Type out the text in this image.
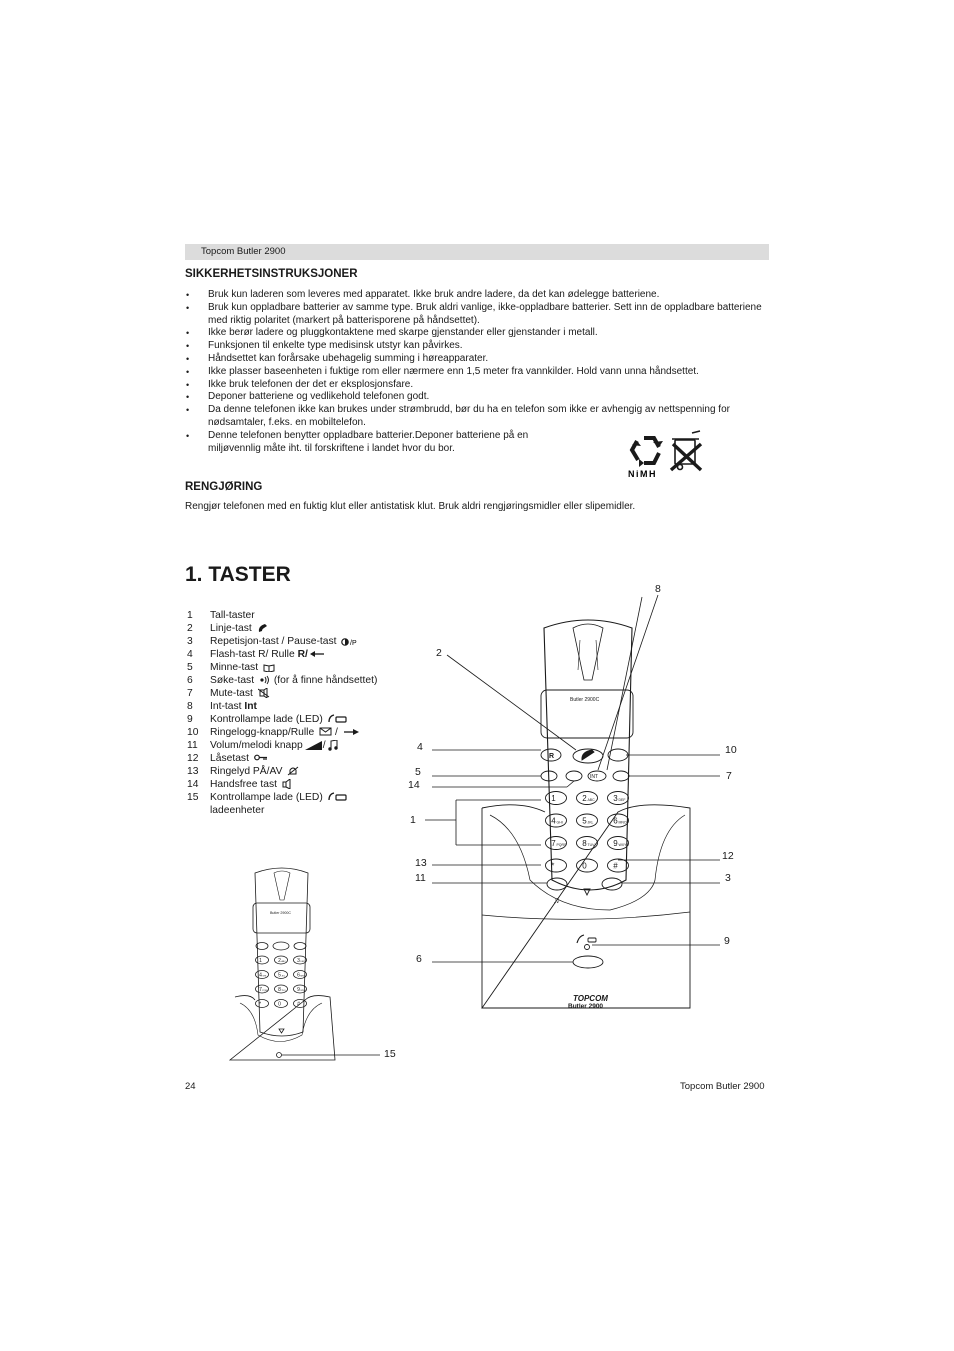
Topcom Butler 2900
SIKKERHETSINSTRUKSJONER
• Bruk kun laderen som leveres med apparatet. Ikke bruk andre ladere, da det kan ødelegge batteriene.
• Bruk kun oppladbare batterier av samme type. Bruk aldri vanlige, ikke-oppladbare batterier. Sett inn de oppladbare batteriene med riktig polaritet (markert på batterisporene på håndsettet).
• Ikke berør ladere og pluggkontaktene med skarpe gjenstander eller gjenstander i metall.
• Funksjonen til enkelte type medisinsk utstyr kan påvirkes.
• Håndsettet kan forårsake ubehagelig summing i høreapparater.
• Ikke plasser baseenheten i fuktige rom eller nærmere enn 1,5 meter fra vannkilder. Hold vann unna håndsettet.
• Ikke bruk telefonen der det er eksplosjonsfare.
• Deponer batteriene og vedlikehold telefonen godt.
• Da denne telefonen ikke kan brukes under strømbrudd, bør du ha en telefon som ikke er avhengig av nettspenning for nødsamtaler, f.eks. en mobiltelefon.
• Denne telefonen benytter oppladbare batterier.Deponer batteriene på en miljøvennlig måte iht. til forskriftene i landet hvor du bor.
NiMH
RENGJØRING
Rengjør telefonen med en fuktig klut eller antistatisk klut. Bruk aldri rengjøringsmidler eller slipemidler.
1. TASTER
1 Tall-taster
2 Linje-tast
3 Repetisjon-tast / Pause-tast /P
4 Flash-tast R/ Rulle R/
5 Minne-tast
6 Søke-tast (for å finne håndsettet)
7 Mute-tast
8 Int-tast Int
9 Kontrollampe lade (LED)
10 Ringelogg-knapp/Rulle /
11 Volum/melodi knapp /
12 Låsetast
13 Ringelyd PÅ/AV
14 Handsfree tast
15 Kontrollampe lade (LED)
ladeenheter
Butler 2900C
R
INT
1	2 ABC 3 DEF
4 GHI 5 JKL 6 MNO
7 PQRS 8 TUV 9 WXYZ
*	0	#
♫
TOPCOM
Butler 2900
8
2
4	10
5	7
14
1
12
13
3
11
9
6
Butler 2900C
1	2 ABC 3 DEF
4 GHI 5 JKL 6 MNO
7 PQRS 8 TUV 9 WXYZ
*	0	#
15
24	Topcom Butler 2900
